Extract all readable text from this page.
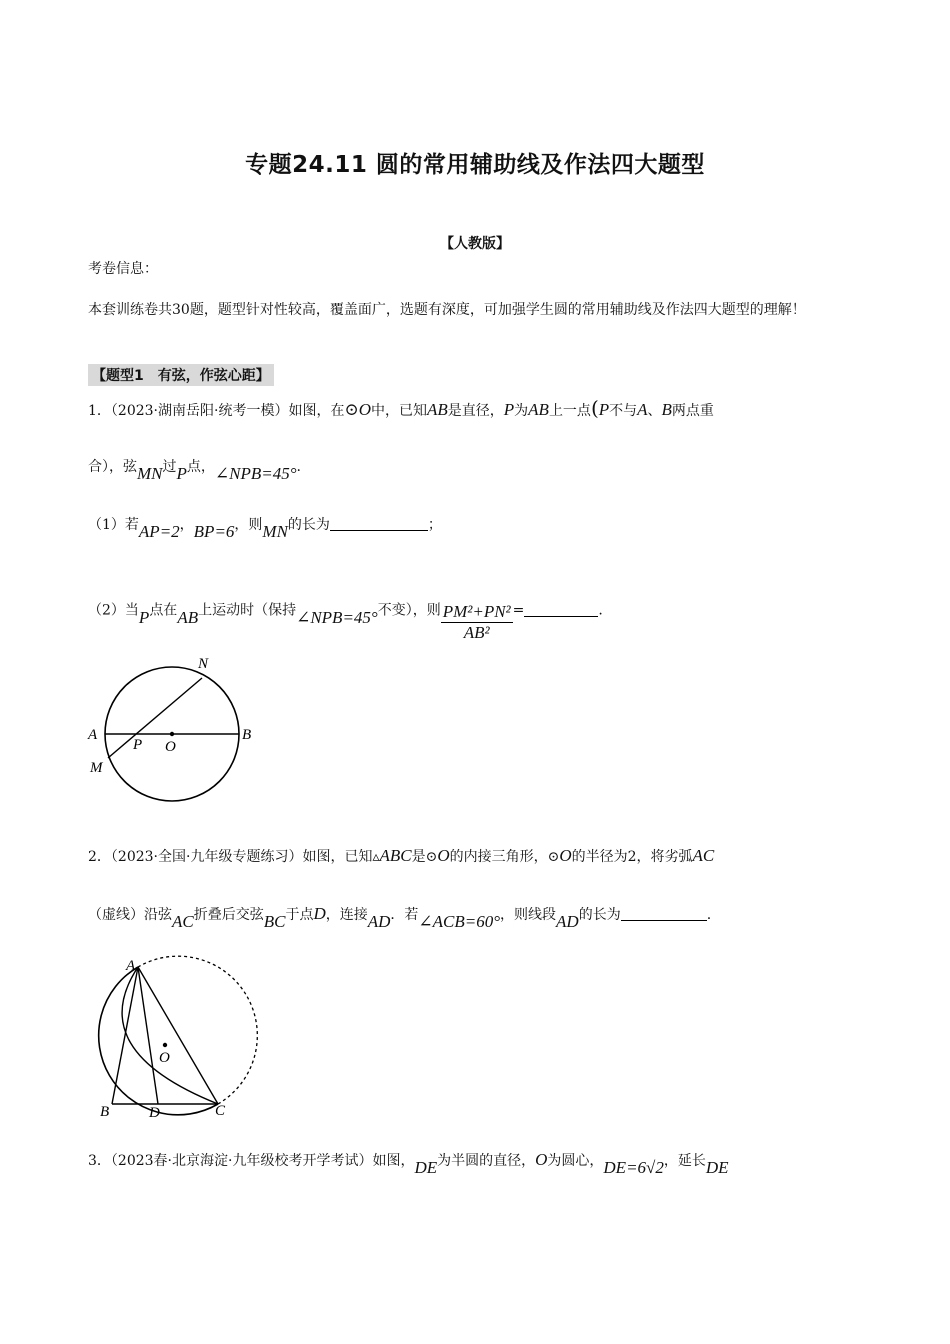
专题24.11 圆的常用辅助线及作法四大题型
【人教版】
考卷信息：
本套训练卷共30题，题型针对性较高，覆盖面广，选题有深度，可加强学生圆的常用辅助线及作法四大题型的理解！
【题型1　有弦，作弦心距】
1．（2023·湖南岳阳·统考一模）如图，在⊙O中，已知AB是直径，P为AB上一点(P不与A、B两点重
合），弦MN过P点，∠NPB=45°.
（1）若AP=2，BP=6，则MN的长为	；
（2）当P点在AB上运动时（保持∠NPB=45°不变），则 $\frac{\text{PM²+PN²}}{\text{AB²}}$ =	.
N
A	B
P O
M
2．（2023·全国·九年级专题练习）如图，已知▵ABC是⊙O的内接三角形，⊙O的半径为2，将劣弧AC
（虚线）沿弦AC折叠后交弦BC于点D，连接AD．若∠ACB=60°，则线段AD的长为	.
A
O
B	D	C
3．（2023春·北京海淀·九年级校考开学考试）如图，DE为半圆的直径，O为圆心，DE=6√2，延长DE
